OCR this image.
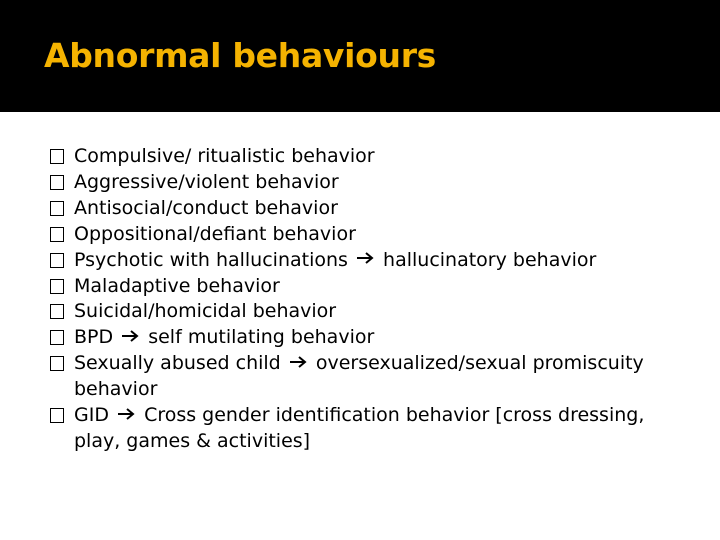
Abnormal behaviours
Compulsive/ ritualistic behavior
Aggressive/violent behavior
Antisocial/conduct behavior
Oppositional/defiant behavior
Psychotic with hallucinations hallucinatory behavior
Maladaptive behavior
Suicidal/homicidal behavior
BPD self mutilating behavior
Sexually abused child oversexualized/sexual promiscuity behavior
GID Cross gender identification behavior [cross dressing, play, games & activities]
